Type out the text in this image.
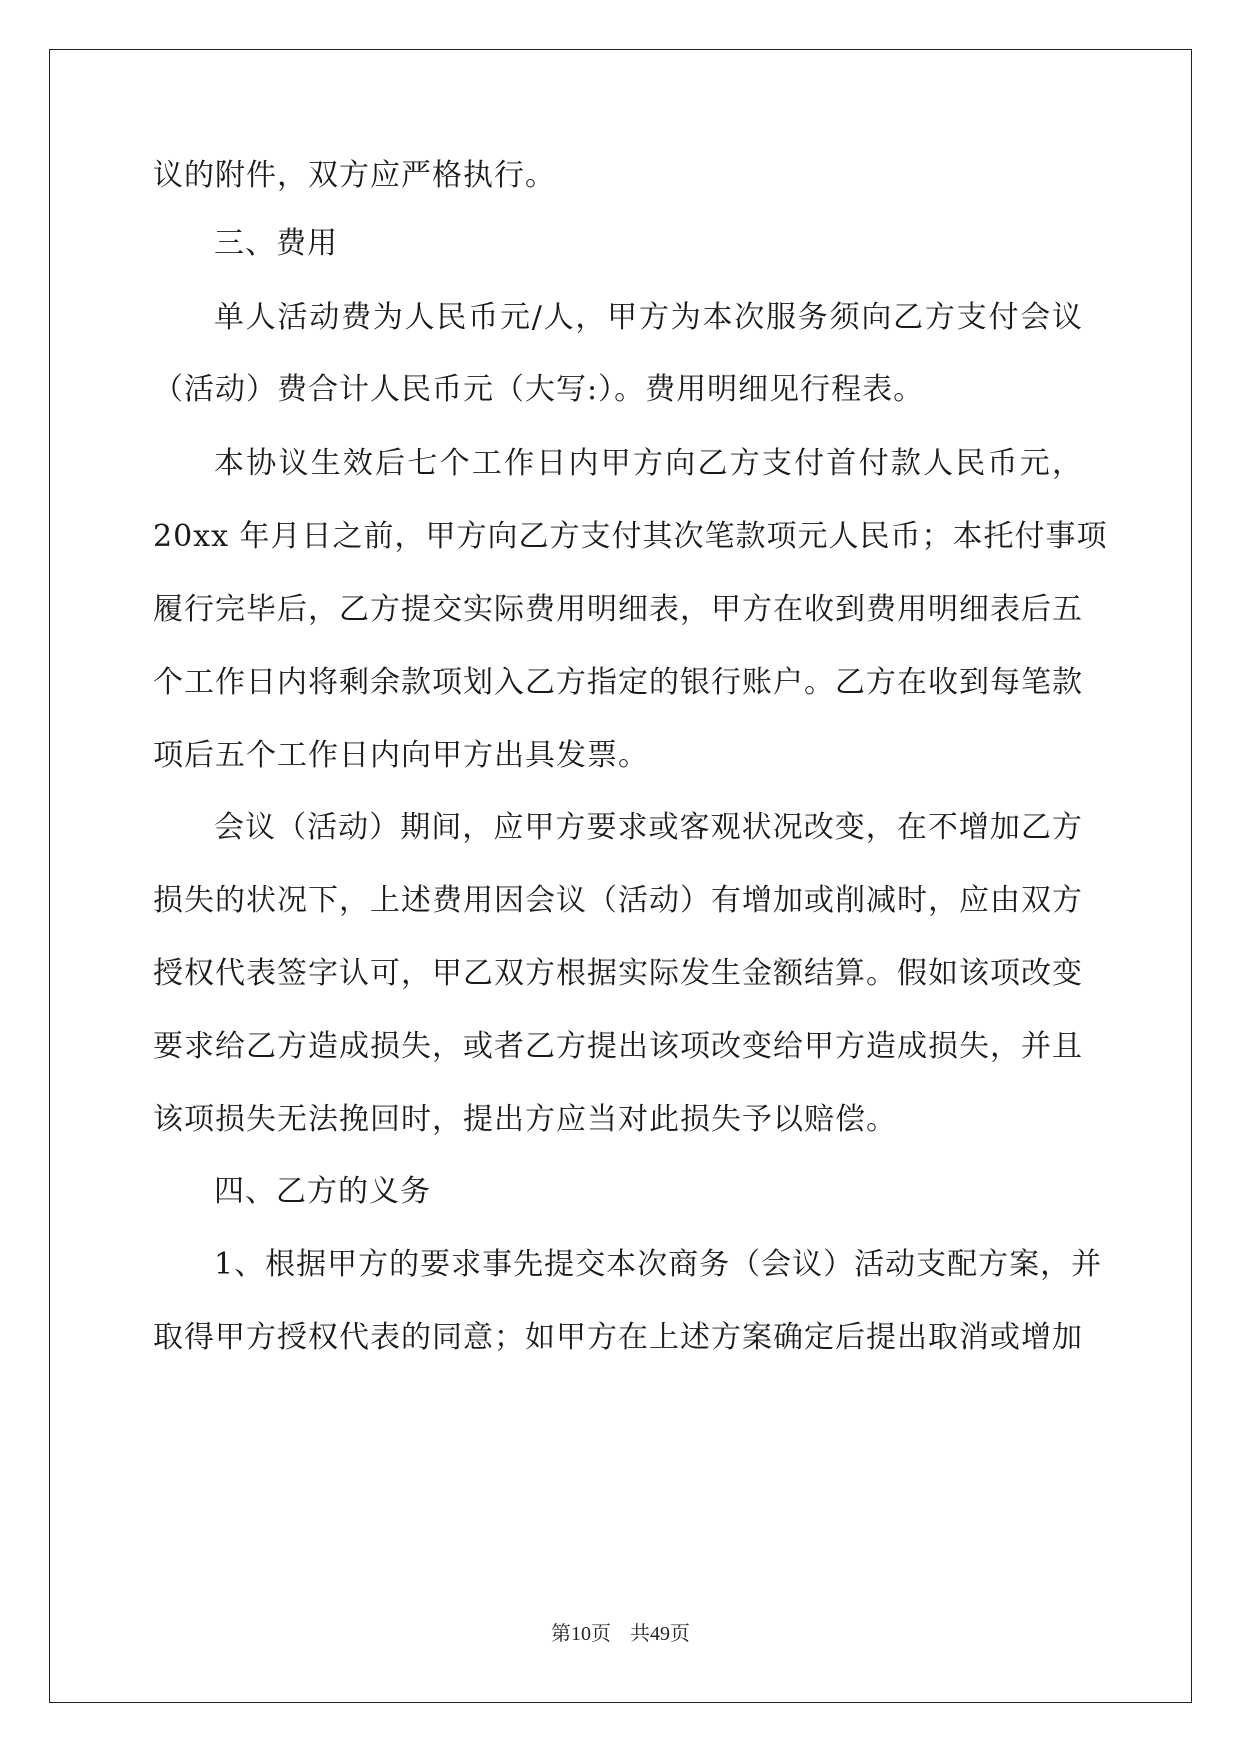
议的附件，双方应严格执行。

三、费用

单人活动费为人民币元/人，甲方为本次服务须向乙方支付会议

（活动）费合计人民币元（大写:）。费用明细见行程表。

本协议生效后七个工作日内甲方向乙方支付首付款人民币元，

20xx 年月日之前，甲方向乙方支付其次笔款项元人民币；本托付事项

履行完毕后，乙方提交实际费用明细表，甲方在收到费用明细表后五

个工作日内将剩余款项划入乙方指定的银行账户。乙方在收到每笔款

项后五个工作日内向甲方出具发票。

会议（活动）期间，应甲方要求或客观状况改变，在不增加乙方

损失的状况下，上述费用因会议（活动）有增加或削减时，应由双方

授权代表签字认可，甲乙双方根据实际发生金额结算。假如该项改变

要求给乙方造成损失，或者乙方提出该项改变给甲方造成损失，并且

该项损失无法挽回时，提出方应当对此损失予以赔偿。

四、乙方的义务

1、根据甲方的要求事先提交本次商务（会议）活动支配方案，并

取得甲方授权代表的同意；如甲方在上述方案确定后提出取消或增加

第10页 共49页
